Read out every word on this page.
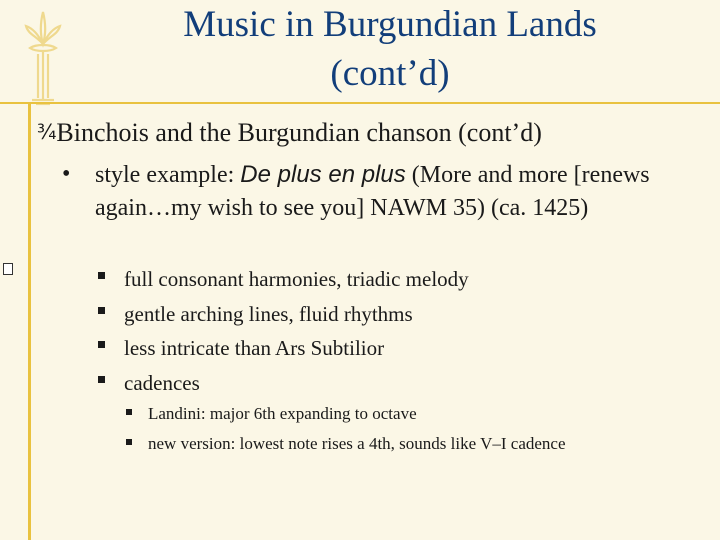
Music in Burgundian Lands
(cont’d)
¾Binchois and the Burgundian chanson (cont’d)
• style example: De plus en plus (More and more [renews again…my wish to see you] NAWM 35) (ca. 1425)
full consonant harmonies, triadic melody
gentle arching lines, fluid rhythms
less intricate than Ars Subtilior
cadences
Landini: major 6th expanding to octave
new version: lowest note rises a 4th, sounds like V–I cadence
